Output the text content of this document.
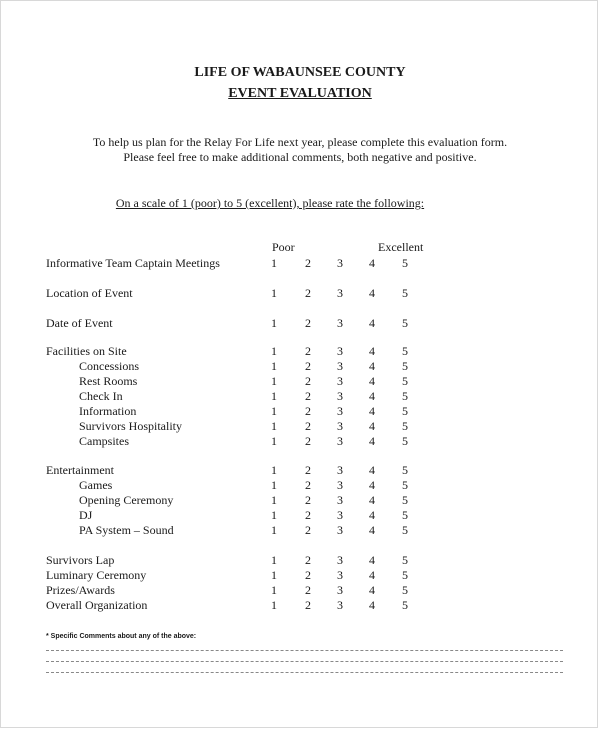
LIFE OF WABAUNSEE COUNTY
EVENT EVALUATION
To help us plan for the Relay For Life next year, please complete this evaluation form.
Please feel free to make additional comments, both negative and positive.
On a scale of 1 (poor) to 5 (excellent), please rate the following:
Poor	Excellent
Informative Team Captain Meetings	1 2 3 4 5
Location of Event	1 2 3 4 5
Date of Event	1 2 3 4 5
Facilities on Site	1 2 3 4 5
Concessions	1 2 3 4 5
Rest Rooms	1 2 3 4 5
Check In	1 2 3 4 5
Information	1 2 3 4 5
Survivors Hospitality	1 2 3 4 5
Campsites	1 2 3 4 5
Entertainment	1 2 3 4 5
Games	1 2 3 4 5
Opening Ceremony	1 2 3 4 5
DJ	1 2 3 4 5
PA System – Sound	1 2 3 4 5
Survivors Lap	1 2 3 4 5
Luminary Ceremony	1 2 3 4 5
Prizes/Awards	1 2 3 4 5
Overall Organization	1 2 3 4 5
* Specific Comments about any of the above:
